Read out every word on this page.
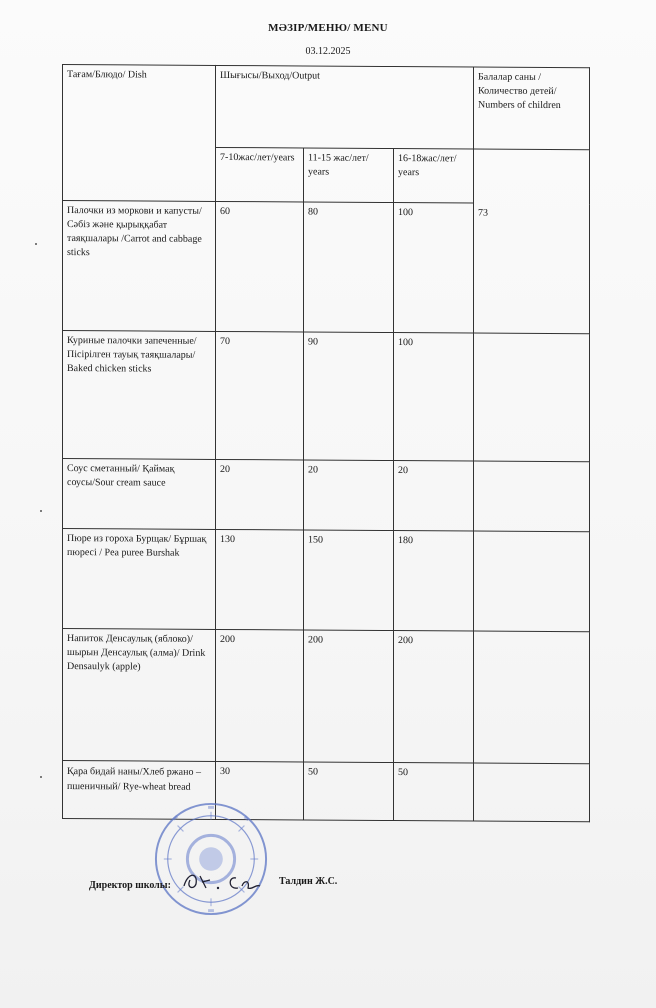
МӘЗІР/МЕНЮ/ MENU
03.12.2025
Тағам/Блюдо/ Dish	Шығысы/Выход/Output			Балалар саны /Количество детей/ Numbers of children
	7-10жас/лет/years	11-15 жас/лет/ years	16-18жас/лет/ years	73

Палочки из моркови и капусты/ Сәбіз және қырыққабат таяқшалары /Carrot and cabbage sticks	60	80	100	
Куриные палочки запеченные/ Пісірілген тауық таяқшалары/ Baked chicken sticks	70	90	100	
Соус сметанный/ Қаймақ соусы/Sour cream sauce	20	20	20	
Пюре из гороха Бурщак/ Бұршақ пюресі / Pea puree Burshak	130	150	180	
Напиток Денсаулық (яблоко)/ шырын Денсаулық (алма)/ Drink Densaulyk (apple)	200	200	200	
Қара бидай наны/Хлеб ржано – пшеничный/ Rye-wheat bread	30	50	50	
Директор школы:	Талдин Ж.С.
